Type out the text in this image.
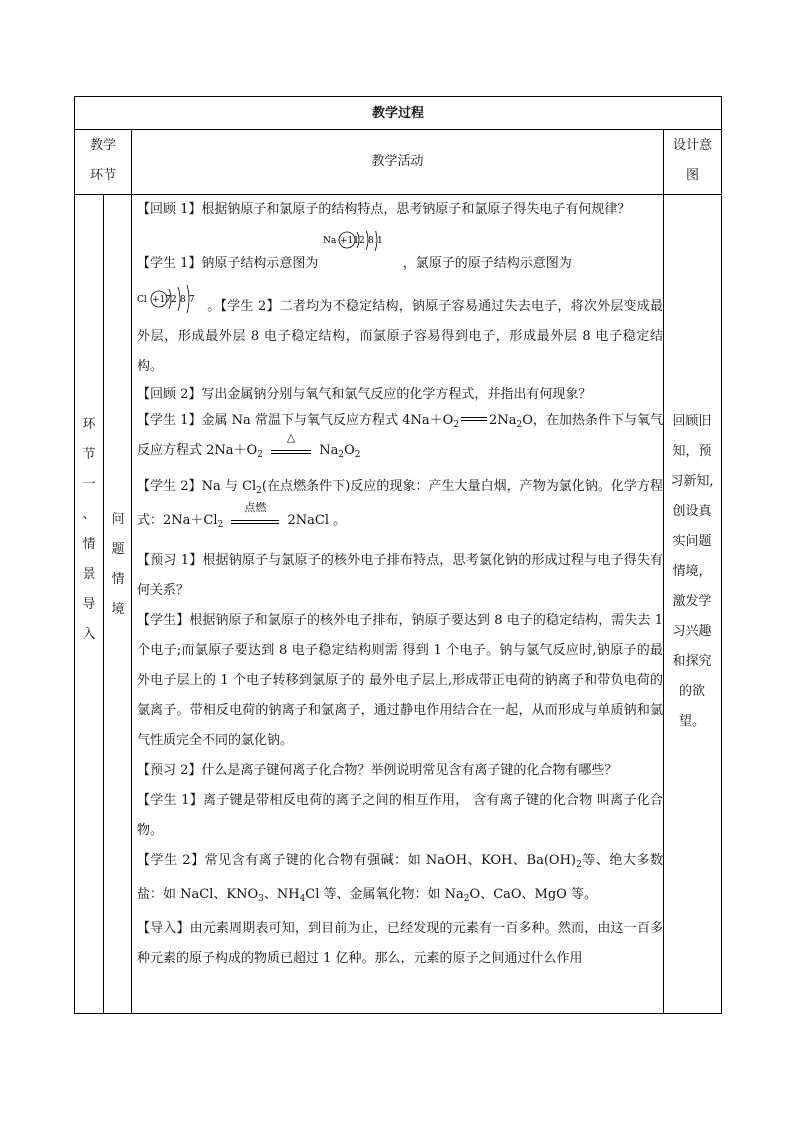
教学过程
教学
环节
教学活动
设计意
图
环
节
一
、
情
景
导
入
问
题
情
境
回顾旧
知，预
习新知,
创设真
实问题
情境，
激发学
习兴趣
和探究
的欲望。

【回顾 1】根据钠原子和氯原子的结构特点，思考钠原子和氯原子得失电子有何规律？

【学生 1】钠原子结构示意图为
Na +11 2 8 1
，氯原子的原子结构示意图为

Cl +17 2 8 7 。【学生 2】二者均为不稳定结构，钠原子容易通过失去电子，将次外层变成最外层，形成最外层 8 电子稳定结构，而氯原子容易得到电子，形成最外层 8 电子稳定结构。

【回顾 2】写出金属钠分别与氧气和氯气反应的化学方程式，并指出有何现象？

【学生 1】金属 Na 常温下与氧气反应方程式 $4Na+O_2$ $2Na_2O$，在加热条件下与氧气反应方程式 $2Na+O_2$
△
$Na_2O_2$

【学生 2】Na 与 $Cl_2$(在点燃条件下)反应的现象：产生大量白烟，产物为氯化钠。化学方程式：$2Na+Cl_2$
点燃
2NaCl 。

【预习 1】根据钠原子与氯原子的核外电子排布特点，思考氯化钠的形成过程与电子得失有何关系？

【学生】根据钠原子和氯原子的核外电子排布，钠原子要达到 8 电子的稳定结构，需失去 1 个电子;而氯原子要达到 8 电子稳定结构则需 得到 1 个电子。钠与氯气反应时,钠原子的最外电子层上的 1 个电子转移到氯原子的 最外电子层上,形成带正电荷的钠离子和带负电荷的氯离子。带相反电荷的钠离子和氯离子，通过静电作用结合在一起，从而形成与单质钠和氯气性质完全不同的氯化钠。

【预习 2】什么是离子键何离子化合物？举例说明常见含有离子键的化合物有哪些？

【学生 1】离子键是带相反电荷的离子之间的相互作用， 含有离子键的化合物 叫离子化合物。

【学生 2】常见含有离子键的化合物有强碱：如 NaOH、KOH、$Ba(OH)_2$等、绝大多数盐：如 NaCl、$KNO_3$、$NH_4Cl$ 等、金属氧化物：如 $Na_2O$、CaO、MgO 等。

【导入】由元素周期表可知，到目前为止，已经发现的元素有一百多种。然而，由这一百多种元素的原子构成的物质已超过 1 亿种。那么，元素的原子之间通过什么作用
